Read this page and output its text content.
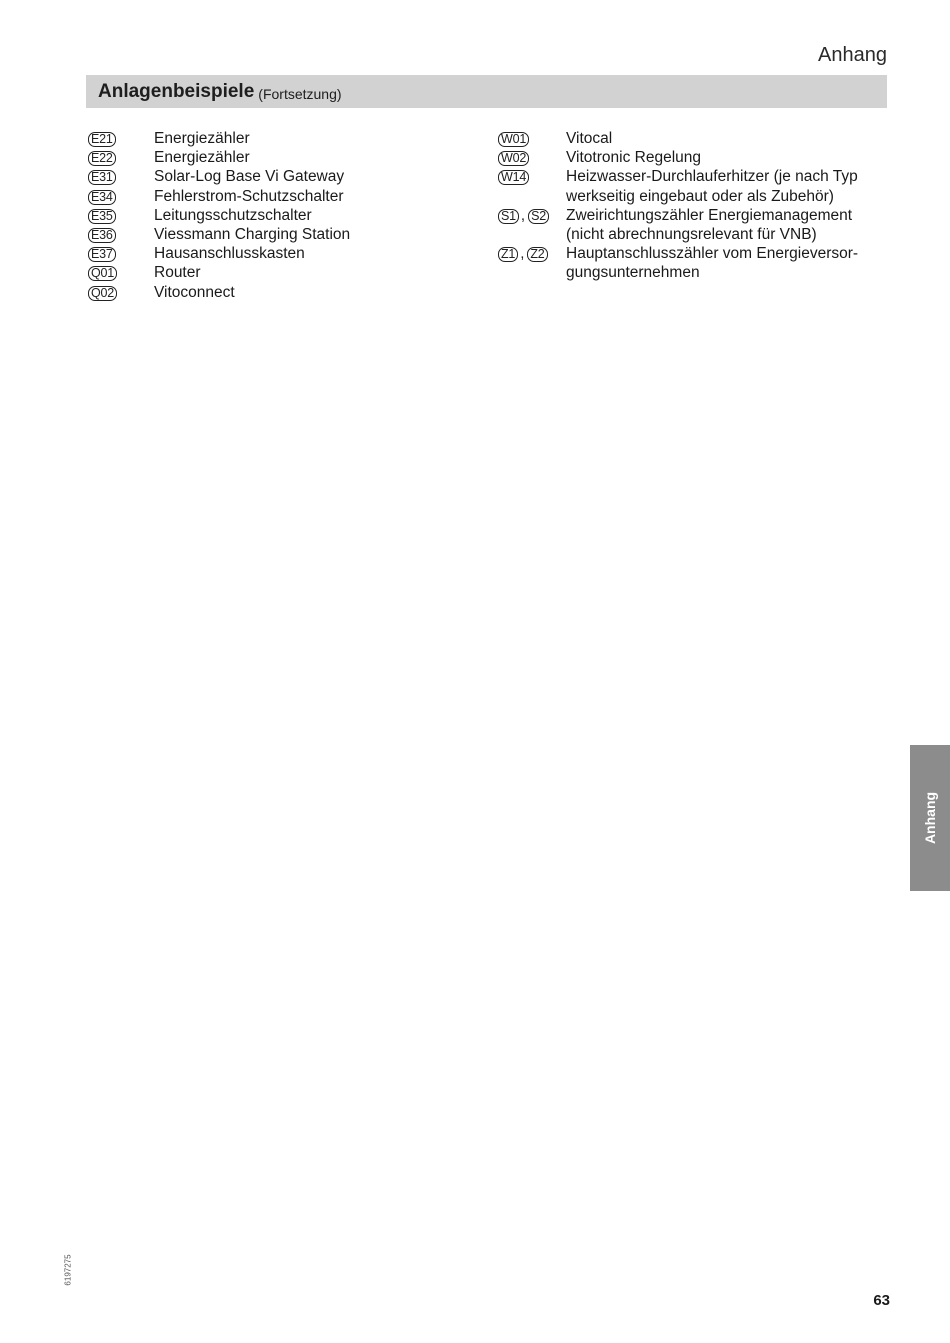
Anhang
Anlagenbeispiele (Fortsetzung)
E21	Energiezähler
E22	Energiezähler
E31	Solar-Log Base Vi Gateway
E34	Fehlerstrom-Schutzschalter
E35	Leitungsschutzschalter
E36	Viessmann Charging Station
E37	Hausanschlusskasten
Q01	Router
Q02	Vitoconnect
W01	Vitocal
W02	Vitotronic Regelung
W14	Heizwasser-Durchlauferhitzer (je nach Typ
werkseitig eingebaut oder als Zubehör)
S1 , S2 Zweirichtungszähler Energiemanagement
(nicht abrechnungsrelevant für VNB)
Z1 , Z2 Hauptanschlusszähler vom Energieversor-
gungsunternehmen
Anhang
6197275
63
